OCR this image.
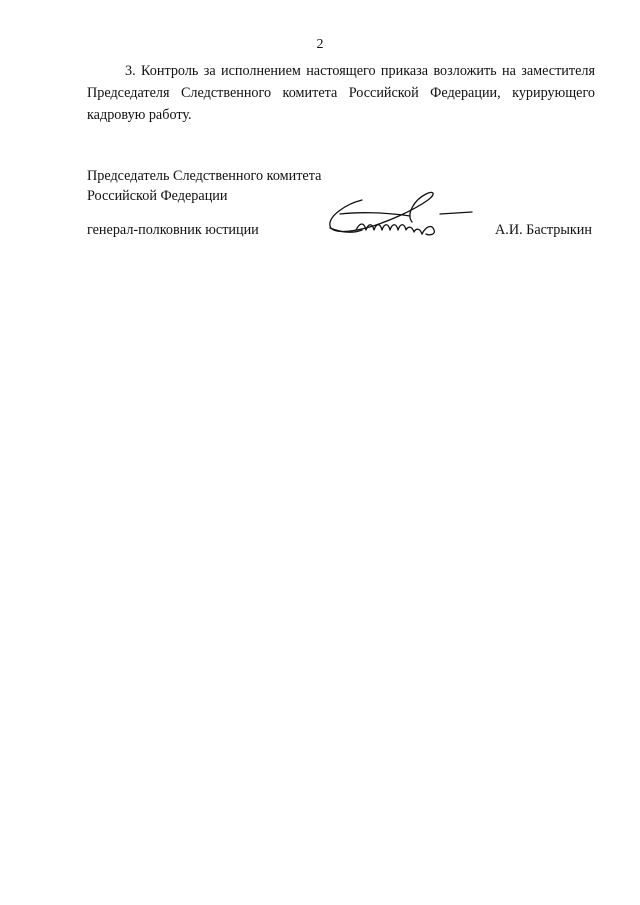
2

3. Контроль за исполнением настоящего приказа возложить на заместителя Председателя Следственного комитета Российской Федерации, курирующего кадровую работу.

Председатель Следственного комитета
Российской Федерации
генерал-полковник юстиции	А.И. Бастрыкин
